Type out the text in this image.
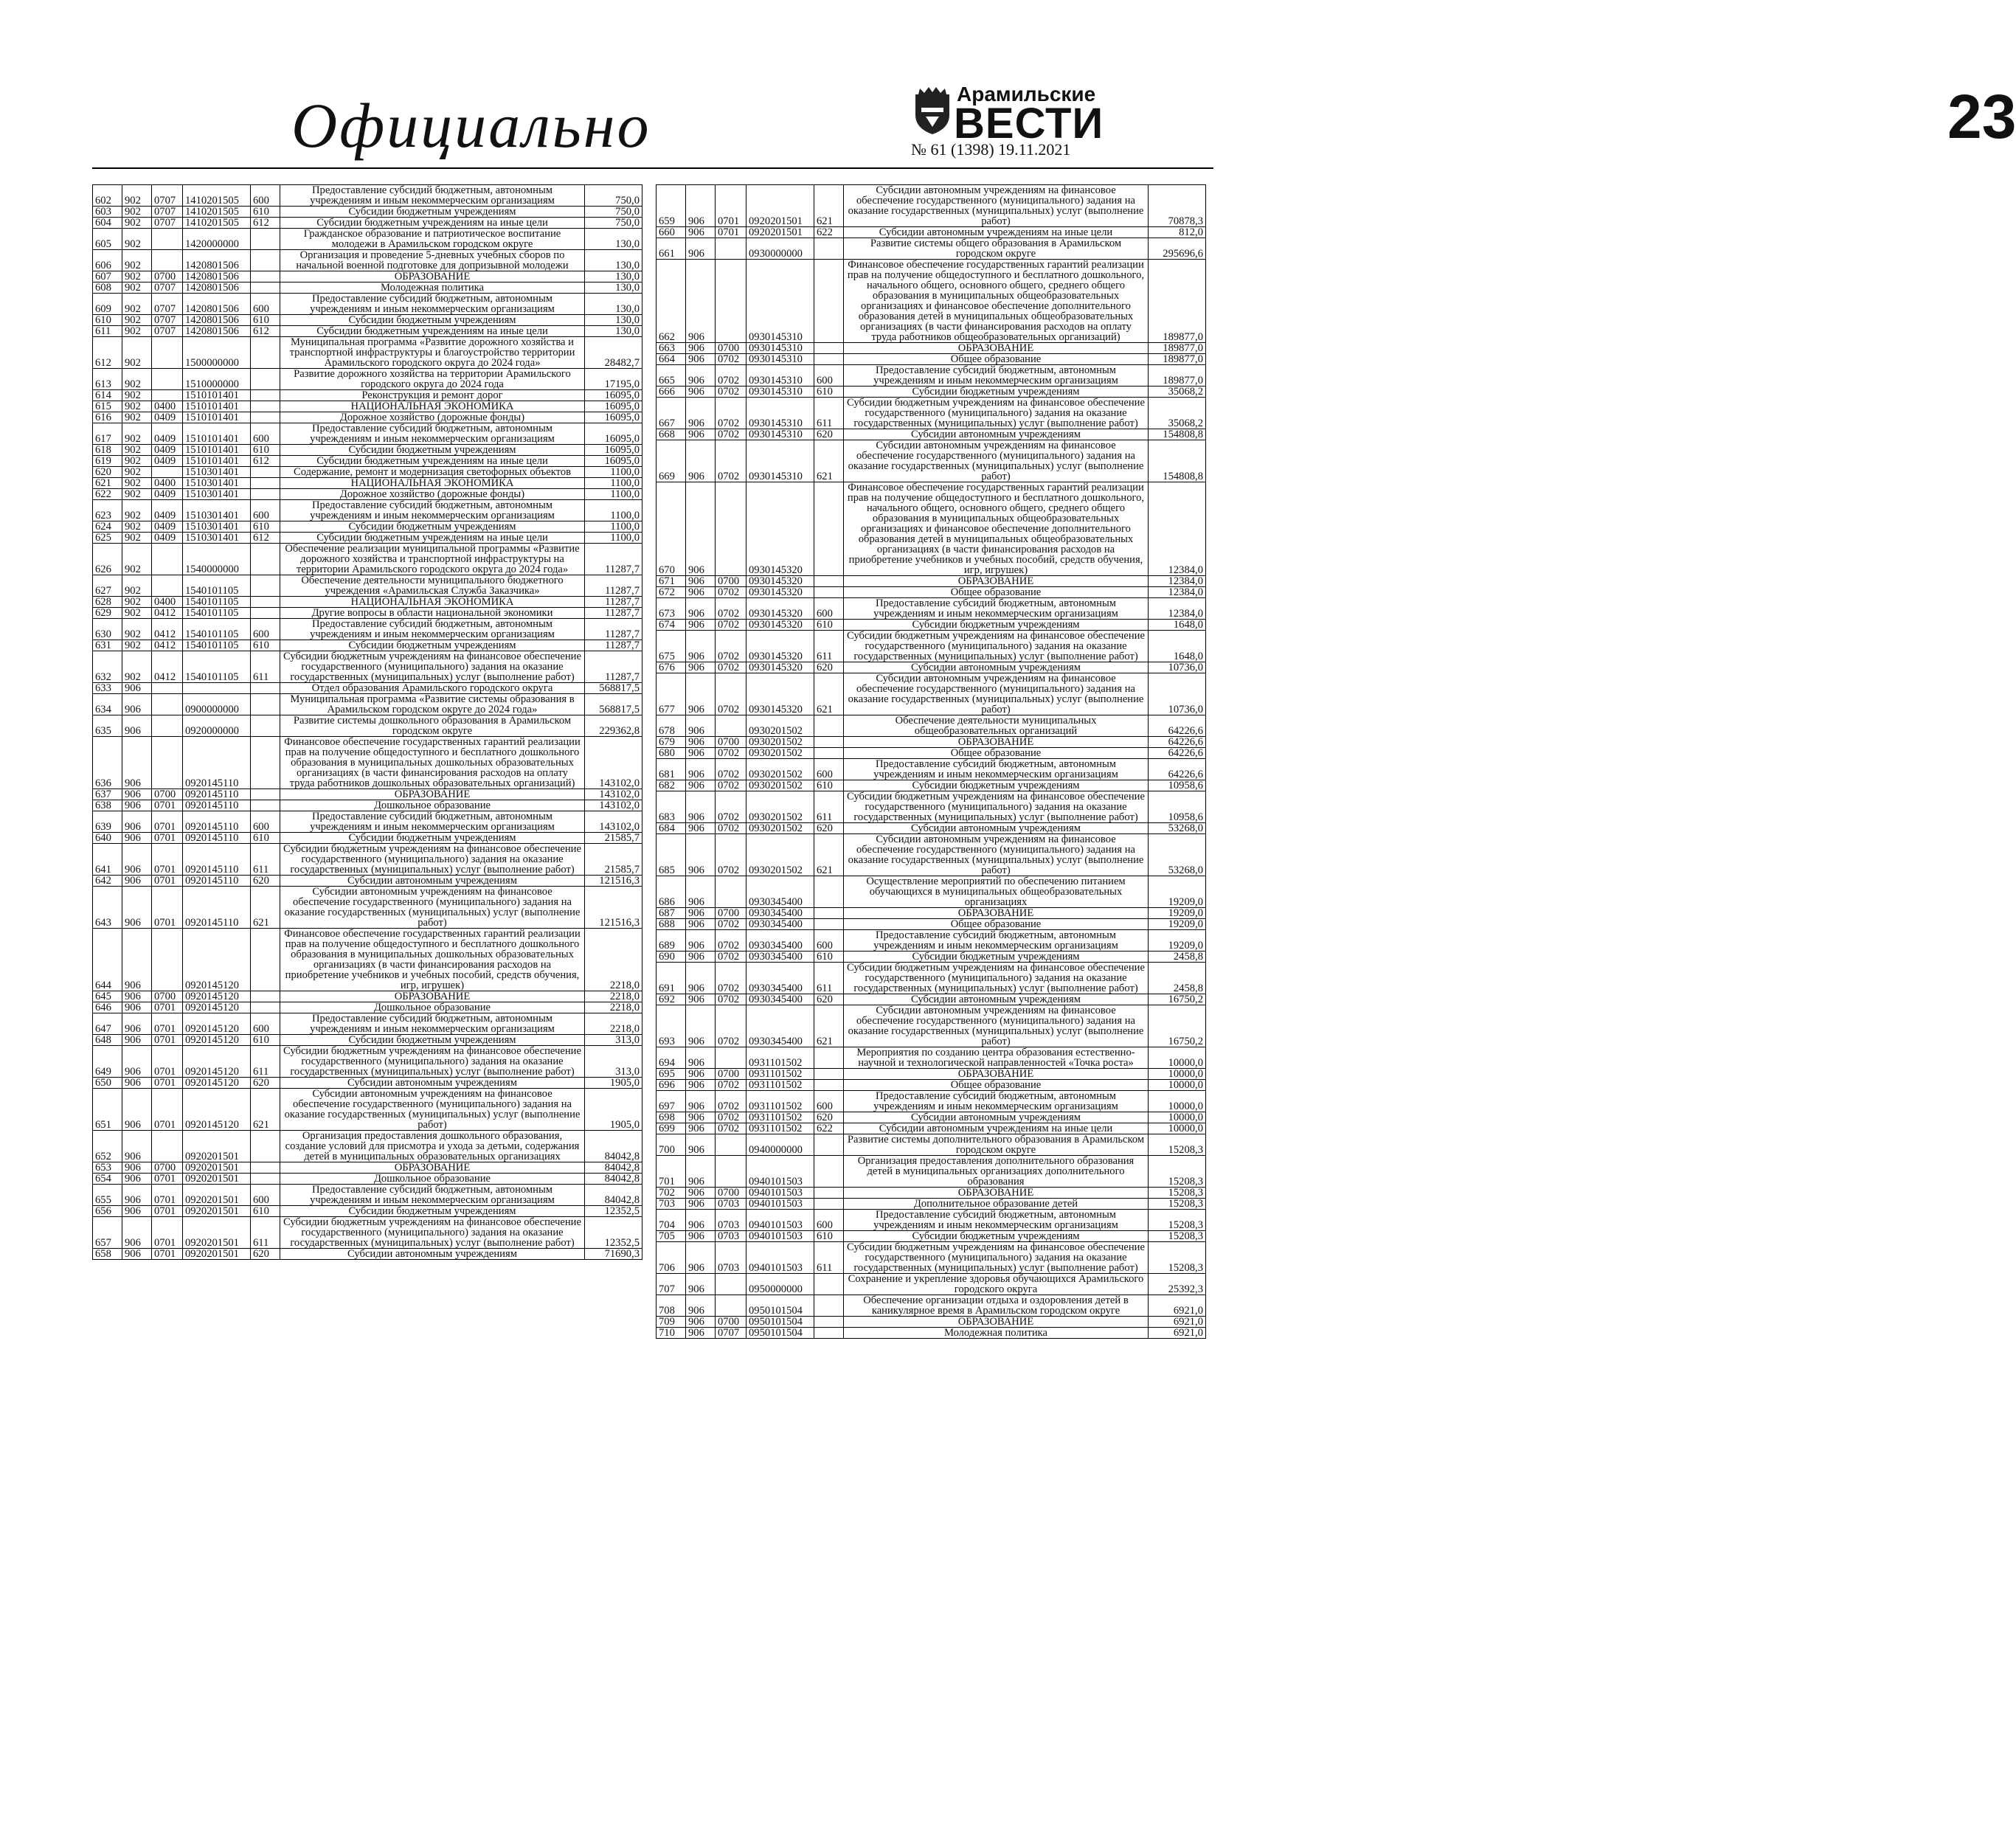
Официально	Арамильские
ВЕСТИ
№ 61 (1398) 19.11.2021	23
602	902	0707	1410201505	600	Предоставление субсидий бюджетным, автономным учреждениям и иным некоммерческим организациям	750,0
603	902	0707	1410201505	610	Субсидии бюджетным учреждениям	750,0
604	902	0707	1410201505	612	Субсидии бюджетным учреждениям на иные цели	750,0
605	902		1420000000		Гражданское образование и патриотическое воспитание молодежи в Арамильском городском округе	130,0
606	902		1420801506		Организация и проведение 5-дневных учебных сборов по начальной военной подготовке для допризывной молодежи	130,0
607	902	0700	1420801506		ОБРАЗОВАНИЕ	130,0
608	902	0707	1420801506		Молодежная политика	130,0
609	902	0707	1420801506	600	Предоставление субсидий бюджетным, автономным учреждениям и иным некоммерческим организациям	130,0
610	902	0707	1420801506	610	Субсидии бюджетным учреждениям	130,0
611	902	0707	1420801506	612	Субсидии бюджетным учреждениям на иные цели	130,0
612	902		1500000000		Муниципальная программа «Развитие дорожного хозяйства и транспортной инфраструктуры и благоустройство территории Арамильского городского округа до 2024 года»	28482,7
613	902		1510000000		Развитие дорожного хозяйства на территории Арамильского городского округа до 2024 года	17195,0
614	902		1510101401		Реконструкция и ремонт дорог	16095,0
615	902	0400	1510101401		НАЦИОНАЛЬНАЯ ЭКОНОМИКА	16095,0
616	902	0409	1510101401		Дорожное хозяйство (дорожные фонды)	16095,0
617	902	0409	1510101401	600	Предоставление субсидий бюджетным, автономным учреждениям и иным некоммерческим организациям	16095,0
618	902	0409	1510101401	610	Субсидии бюджетным учреждениям	16095,0
619	902	0409	1510101401	612	Субсидии бюджетным учреждениям на иные цели	16095,0
620	902		1510301401		Содержание, ремонт и модернизация светофорных объектов	1100,0
621	902	0400	1510301401		НАЦИОНАЛЬНАЯ ЭКОНОМИКА	1100,0
622	902	0409	1510301401		Дорожное хозяйство (дорожные фонды)	1100,0
623	902	0409	1510301401	600	Предоставление субсидий бюджетным, автономным учреждениям и иным некоммерческим организациям	1100,0
624	902	0409	1510301401	610	Субсидии бюджетным учреждениям	1100,0
625	902	0409	1510301401	612	Субсидии бюджетным учреждениям на иные цели	1100,0
626	902		1540000000		Обеспечение реализации муниципальной программы «Развитие дорожного хозяйства и транспортной инфраструктуры на территории Арамильского городского округа до 2024 года»	11287,7
627	902		1540101105		Обеспечение деятельности муниципального бюджетного учреждения «Арамильская Служба Заказчика»	11287,7
628	902	0400	1540101105		НАЦИОНАЛЬНАЯ ЭКОНОМИКА	11287,7
629	902	0412	1540101105		Другие вопросы в области национальной экономики	11287,7
630	902	0412	1540101105	600	Предоставление субсидий бюджетным, автономным учреждениям и иным некоммерческим организациям	11287,7
631	902	0412	1540101105	610	Субсидии бюджетным учреждениям	11287,7
632	902	0412	1540101105	611	Субсидии бюджетным учреждениям на финансовое обеспечение государственного (муниципального) задания на оказание государственных (муниципальных) услуг (выполнение работ)	11287,7
633	906				Отдел образования Арамильского городского округа	568817,5
634	906		0900000000		Муниципальная программа «Развитие системы образования в Арамильском городском округе до 2024 года»	568817,5
635	906		0920000000		Развитие системы дошкольного образования в Арамильском городском округе	229362,8
636	906		0920145110		Финансовое обеспечение государственных гарантий реализации прав на получение общедоступного и бесплатного дошкольного образования в муниципальных дошкольных образовательных организациях (в части финансирования расходов на оплату труда работников дошкольных образовательных организаций)	143102,0
637	906	0700	0920145110		ОБРАЗОВАНИЕ	143102,0
638	906	0701	0920145110		Дошкольное образование	143102,0
639	906	0701	0920145110	600	Предоставление субсидий бюджетным, автономным учреждениям и иным некоммерческим организациям	143102,0
640	906	0701	0920145110	610	Субсидии бюджетным учреждениям	21585,7
641	906	0701	0920145110	611	Субсидии бюджетным учреждениям на финансовое обеспечение государственного (муниципального) задания на оказание государственных (муниципальных) услуг (выполнение работ)	21585,7
642	906	0701	0920145110	620	Субсидии автономным учреждениям	121516,3
643	906	0701	0920145110	621	Субсидии автономным учреждениям на финансовое обеспечение государственного (муниципального) задания на оказание государственных (муниципальных) услуг (выполнение работ)	121516,3
644	906		0920145120		Финансовое обеспечение государственных гарантий реализации прав на получение общедоступного и бесплатного дошкольного образования в муниципальных дошкольных образовательных организациях (в части финансирования расходов на приобретение учебников и учебных пособий, средств обучения, игр, игрушек)	2218,0
645	906	0700	0920145120		ОБРАЗОВАНИЕ	2218,0
646	906	0701	0920145120		Дошкольное образование	2218,0
647	906	0701	0920145120	600	Предоставление субсидий бюджетным, автономным учреждениям и иным некоммерческим организациям	2218,0
648	906	0701	0920145120	610	Субсидии бюджетным учреждениям	313,0
649	906	0701	0920145120	611	Субсидии бюджетным учреждениям на финансовое обеспечение государственного (муниципального) задания на оказание государственных (муниципальных) услуг (выполнение работ)	313,0
650	906	0701	0920145120	620	Субсидии автономным учреждениям	1905,0
651	906	0701	0920145120	621	Субсидии автономным учреждениям на финансовое обеспечение государственного (муниципального) задания на оказание государственных (муниципальных) услуг (выполнение работ)	1905,0
652	906		0920201501		Организация предоставления дошкольного образования, создание условий для присмотра и ухода за детьми, содержания детей в муниципальных образовательных организациях	84042,8
653	906	0700	0920201501		ОБРАЗОВАНИЕ	84042,8
654	906	0701	0920201501		Дошкольное образование	84042,8
655	906	0701	0920201501	600	Предоставление субсидий бюджетным, автономным учреждениям и иным некоммерческим организациям	84042,8
656	906	0701	0920201501	610	Субсидии бюджетным учреждениям	12352,5
657	906	0701	0920201501	611	Субсидии бюджетным учреждениям на финансовое обеспечение государственного (муниципального) задания на оказание государственных (муниципальных) услуг (выполнение работ)	12352,5
658	906	0701	0920201501	620	Субсидии автономным учреждениям	71690,3
659	906	0701	0920201501	621	Субсидии автономным учреждениям на финансовое обеспечение государственного (муниципального) задания на оказание государственных (муниципальных) услуг (выполнение работ)	70878,3
660	906	0701	0920201501	622	Субсидии автономным учреждениям на иные цели	812,0
661	906		0930000000		Развитие системы общего образования в Арамильском городском округе	295696,6
662	906		0930145310		Финансовое обеспечение государственных гарантий реализации прав на получение общедоступного и бесплатного дошкольного, начального общего, основного общего, среднего общего образования в муниципальных общеобразовательных организациях и финансовое обеспечение дополнительного образования детей в муниципальных общеобразовательных организациях (в части финансирования расходов на оплату труда работников общеобразовательных организаций)	189877,0
663	906	0700	0930145310		ОБРАЗОВАНИЕ	189877,0
664	906	0702	0930145310		Общее образование	189877,0
665	906	0702	0930145310	600	Предоставление субсидий бюджетным, автономным учреждениям и иным некоммерческим организациям	189877,0
666	906	0702	0930145310	610	Субсидии бюджетным учреждениям	35068,2
667	906	0702	0930145310	611	Субсидии бюджетным учреждениям на финансовое обеспечение государственного (муниципального) задания на оказание государственных (муниципальных) услуг (выполнение работ)	35068,2
668	906	0702	0930145310	620	Субсидии автономным учреждениям	154808,8
669	906	0702	0930145310	621	Субсидии автономным учреждениям на финансовое обеспечение государственного (муниципального) задания на оказание государственных (муниципальных) услуг (выполнение работ)	154808,8
670	906		0930145320		Финансовое обеспечение государственных гарантий реализации прав на получение общедоступного и бесплатного дошкольного, начального общего, основного общего, среднего общего образования в муниципальных общеобразовательных организациях и финансовое обеспечение дополнительного образования детей в муниципальных общеобразовательных организациях (в части финансирования расходов на приобретение учебников и учебных пособий, средств обучения, игр, игрушек)	12384,0
671	906	0700	0930145320		ОБРАЗОВАНИЕ	12384,0
672	906	0702	0930145320		Общее образование	12384,0
673	906	0702	0930145320	600	Предоставление субсидий бюджетным, автономным учреждениям и иным некоммерческим организациям	12384,0
674	906	0702	0930145320	610	Субсидии бюджетным учреждениям	1648,0
675	906	0702	0930145320	611	Субсидии бюджетным учреждениям на финансовое обеспечение государственного (муниципального) задания на оказание государственных (муниципальных) услуг (выполнение работ)	1648,0
676	906	0702	0930145320	620	Субсидии автономным учреждениям	10736,0
677	906	0702	0930145320	621	Субсидии автономным учреждениям на финансовое обеспечение государственного (муниципального) задания на оказание государственных (муниципальных) услуг (выполнение работ)	10736,0
678	906		0930201502		Обеспечение деятельности муниципальных общеобразовательных организаций	64226,6
679	906	0700	0930201502		ОБРАЗОВАНИЕ	64226,6
680	906	0702	0930201502		Общее образование	64226,6
681	906	0702	0930201502	600	Предоставление субсидий бюджетным, автономным учреждениям и иным некоммерческим организациям	64226,6
682	906	0702	0930201502	610	Субсидии бюджетным учреждениям	10958,6
683	906	0702	0930201502	611	Субсидии бюджетным учреждениям на финансовое обеспечение государственного (муниципального) задания на оказание государственных (муниципальных) услуг (выполнение работ)	10958,6
684	906	0702	0930201502	620	Субсидии автономным учреждениям	53268,0
685	906	0702	0930201502	621	Субсидии автономным учреждениям на финансовое обеспечение государственного (муниципального) задания на оказание государственных (муниципальных) услуг (выполнение работ)	53268,0
686	906		0930345400		Осуществление мероприятий по обеспечению питанием обучающихся в муниципальных общеобразовательных организациях	19209,0
687	906	0700	0930345400		ОБРАЗОВАНИЕ	19209,0
688	906	0702	0930345400		Общее образование	19209,0
689	906	0702	0930345400	600	Предоставление субсидий бюджетным, автономным учреждениям и иным некоммерческим организациям	19209,0
690	906	0702	0930345400	610	Субсидии бюджетным учреждениям	2458,8
691	906	0702	0930345400	611	Субсидии бюджетным учреждениям на финансовое обеспечение государственного (муниципального) задания на оказание государственных (муниципальных) услуг (выполнение работ)	2458,8
692	906	0702	0930345400	620	Субсидии автономным учреждениям	16750,2
693	906	0702	0930345400	621	Субсидии автономным учреждениям на финансовое обеспечение государственного (муниципального) задания на оказание государственных (муниципальных) услуг (выполнение работ)	16750,2
694	906		0931101502		Мероприятия по созданию центра образования естественно-научной и технологической направленностей «Точка роста»	10000,0
695	906	0700	0931101502		ОБРАЗОВАНИЕ	10000,0
696	906	0702	0931101502		Общее образование	10000,0
697	906	0702	0931101502	600	Предоставление субсидий бюджетным, автономным учреждениям и иным некоммерческим организациям	10000,0
698	906	0702	0931101502	620	Субсидии автономным учреждениям	10000,0
699	906	0702	0931101502	622	Субсидии автономным учреждениям на иные цели	10000,0
700	906		0940000000		Развитие системы дополнительного образования в Арамильском городском округе	15208,3
701	906		0940101503		Организация предоставления дополнительного образования детей в муниципальных организациях дополнительного образования	15208,3
702	906	0700	0940101503		ОБРАЗОВАНИЕ	15208,3
703	906	0703	0940101503		Дополнительное образование детей	15208,3
704	906	0703	0940101503	600	Предоставление субсидий бюджетным, автономным учреждениям и иным некоммерческим организациям	15208,3
705	906	0703	0940101503	610	Субсидии бюджетным учреждениям	15208,3
706	906	0703	0940101503	611	Субсидии бюджетным учреждениям на финансовое обеспечение государственного (муниципального) задания на оказание государственных (муниципальных) услуг (выполнение работ)	15208,3
707	906		0950000000		Сохранение и укрепление здоровья обучающихся Арамильского городского округа	25392,3
708	906		0950101504		Обеспечение организации отдыха и оздоровления детей в каникулярное время в Арамильском городском округе	6921,0
709	906	0700	0950101504		ОБРАЗОВАНИЕ	6921,0
710	906	0707	0950101504		Молодежная политика	6921,0
